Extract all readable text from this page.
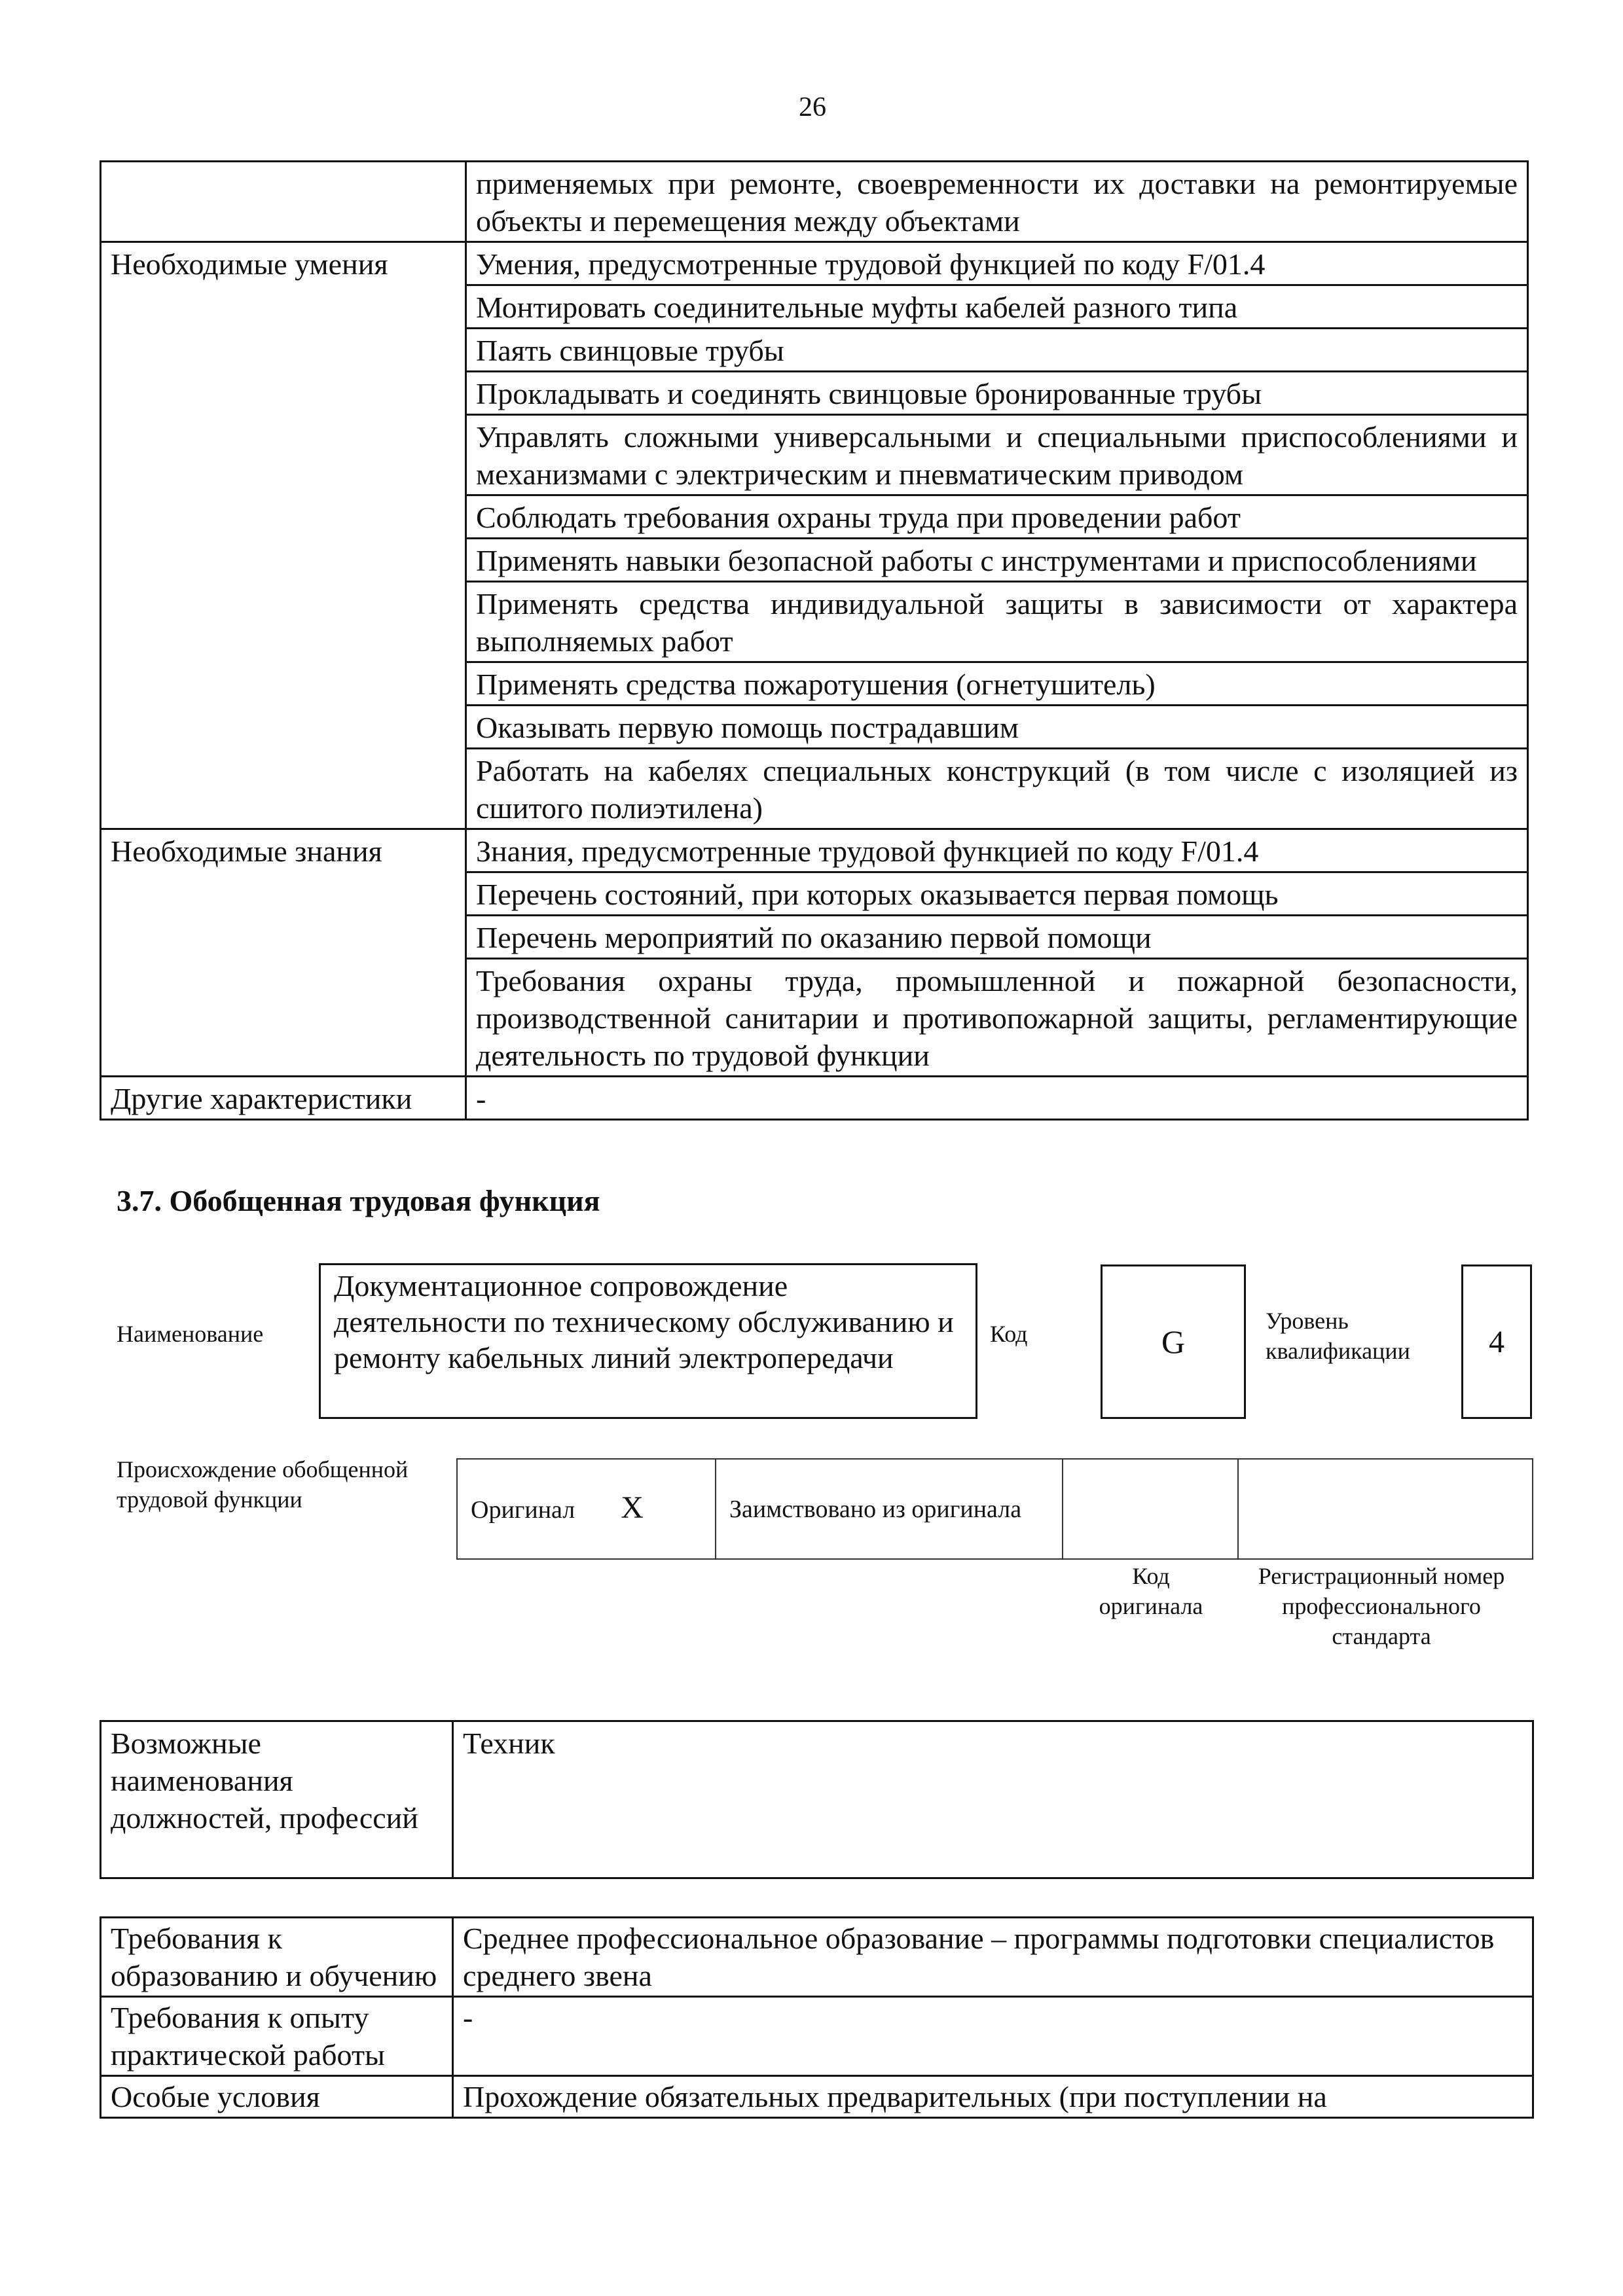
26
	применяемых при ремонте, своевременности их доставки на ремонтируемые объекты и перемещения между объектами
Необходимые умения	Умения, предусмотренные трудовой функцией по коду F/01.4
	Монтировать соединительные муфты кабелей разного типа
	Паять свинцовые трубы
	Прокладывать и соединять свинцовые бронированные трубы
	Управлять сложными универсальными и специальными приспособлениями и механизмами с электрическим и пневматическим приводом
	Соблюдать требования охраны труда при проведении работ
	Применять навыки безопасной работы с инструментами и приспособлениями
	Применять средства индивидуальной защиты в зависимости от характера выполняемых работ
	Применять средства пожаротушения (огнетушитель)
	Оказывать первую помощь пострадавшим
	Работать на кабелях специальных конструкций (в том числе с изоляцией из сшитого полиэтилена)
Необходимые знания	Знания, предусмотренные трудовой функцией по коду F/01.4
	Перечень состояний, при которых оказывается первая помощь
	Перечень мероприятий по оказанию первой помощи
	Требования охраны труда, промышленной и пожарной безопасности, производственной санитарии и противопожарной защиты, регламентирующие деятельность по трудовой функции
Другие характеристики	-
3.7. Обобщенная трудовая функция
Наименование
Документационное сопровождение деятельности по техническому обслуживанию и ремонту кабельных линий электропередачи
Код	G
Уровень квалификации	4
Происхождение обобщенной трудовой функции	Оригинал X	Заимствовано из оригинала		
Код оригинала
Регистрационный номер профессионального стандарта
Возможные наименования должностей, профессий	Техник
Требования к образованию и обучению	Среднее профессиональное образование – программы подготовки специалистов среднего звена
Требования к опыту практической работы	-
Особые условия	Прохождение обязательных предварительных (при поступлении на
